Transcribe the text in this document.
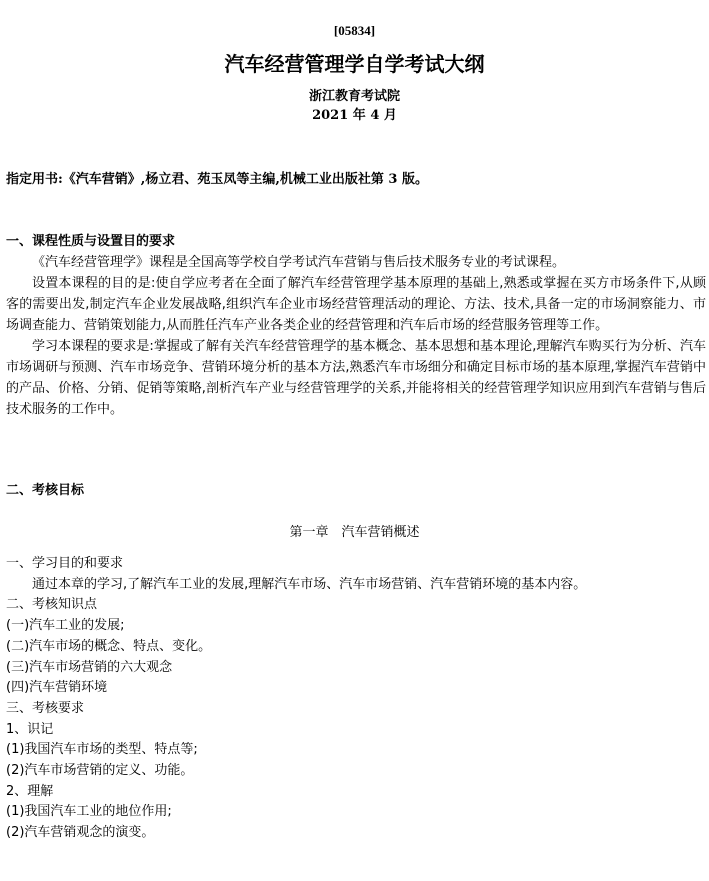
[05834]
汽车经营管理学自学考试大纲
浙江教育考试院
2021 年 4 月
指定用书:《汽车营销》,杨立君、苑玉凤等主编,机械工业出版社第 3 版。
一、课程性质与设置目的要求

《汽车经营管理学》课程是全国高等学校自学考试汽车营销与售后技术服务专业的考试课程。

设置本课程的目的是:使自学应考者在全面了解汽车经营管理学基本原理的基础上,熟悉或掌握在买方市场条件下,从顾客的需要出发,制定汽车企业发展战略,组织汽车企业市场经营管理活动的理论、方法、技术,具备一定的市场洞察能力、市场调查能力、营销策划能力,从而胜任汽车产业各类企业的经营管理和汽车后市场的经营服务管理等工作。

学习本课程的要求是:掌握或了解有关汽车经营管理学的基本概念、基本思想和基本理论,理解汽车购买行为分析、汽车市场调研与预测、汽车市场竞争、营销环境分析的基本方法,熟悉汽车市场细分和确定目标市场的基本原理,掌握汽车营销中的产品、价格、分销、促销等策略,剖析汽车产业与经营管理学的关系,并能将相关的经营管理学知识应用到汽车营销与售后技术服务的工作中。

二、考核目标
第一章　汽车营销概述
一、学习目的和要求
通过本章的学习,了解汽车工业的发展,理解汽车市场、汽车市场营销、汽车营销环境的基本内容。
二、考核知识点
(一)汽车工业的发展;
(二)汽车市场的概念、特点、变化。
(三)汽车市场营销的六大观念
(四)汽车营销环境
三、考核要求
1、识记
(1)我国汽车市场的类型、特点等;
(2)汽车市场营销的定义、功能。
2、理解
(1)我国汽车工业的地位作用;
(2)汽车营销观念的演变。
